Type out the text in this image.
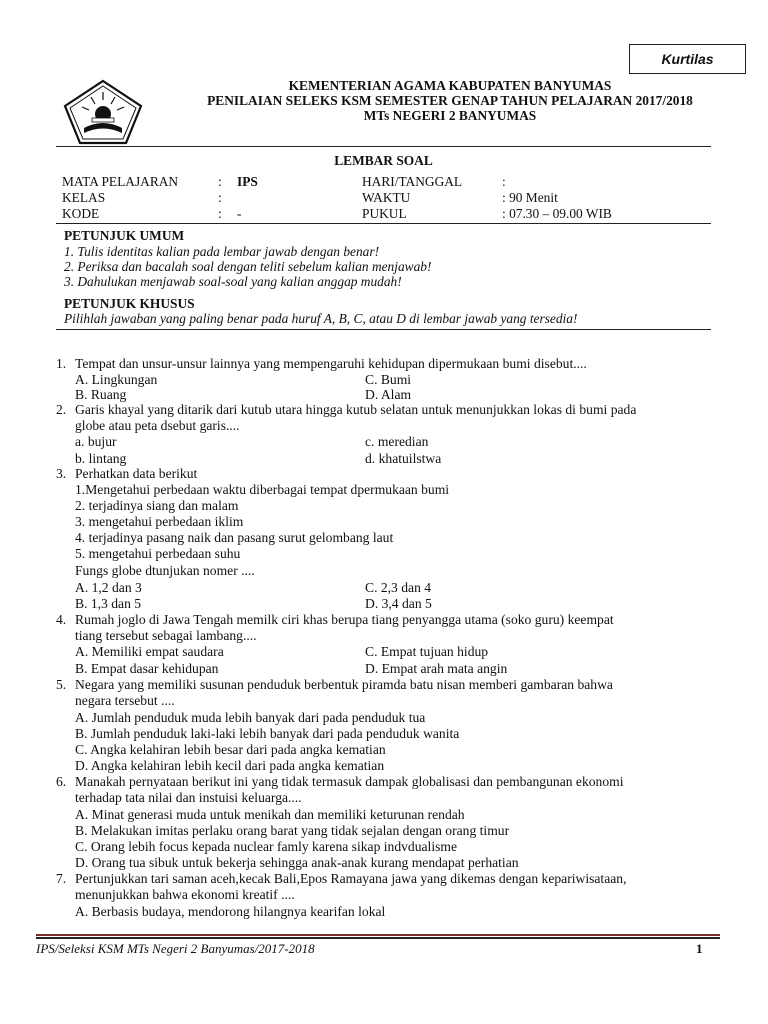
Kurtilas
KEMENTERIAN AGAMA KABUPATEN BANYUMAS
PENILAIAN SELEKS KSM SEMESTER GENAP TAHUN PELAJARAN 2017/2018
MTs NEGERI 2 BANYUMAS
LEMBAR SOAL
MATA PELAJARAN	: IPS
KELAS	:
KODE	: -
HARI/TANGGAL	:
WAKTU	: 90 Menit
PUKUL	: 07.30 – 09.00 WIB
PETUNJUK UMUM
1. Tulis identitas kalian pada lembar jawab dengan benar!
2. Periksa dan bacalah soal dengan teliti sebelum kalian menjawab!
3. Dahulukan menjawab soal-soal yang kalian anggap mudah!
PETUNJUK KHUSUS
Pilihlah jawaban yang paling benar pada huruf A, B, C, atau D di lembar jawab yang tersedia!
1. Tempat dan unsur-unsur lainnya yang mempengaruhi kehidupan dipermukaan bumi disebut....
A. Lingkungan	C. Bumi
B. Ruang	D. Alam
2. Garis khayal yang ditarik dari kutub utara hingga kutub selatan untuk menunjukkan lokas di bumi pada
globe atau peta dsebut garis....
a. bujur	c. meredian
b. lintang	d. khatuilstwa
3. Perhatkan data berikut
1.Mengetahui perbedaan waktu diberbagai tempat dpermukaan bumi
2. terjadinya siang dan malam
3. mengetahui perbedaan iklim
4. terjadinya pasang naik dan pasang surut gelombang laut
5. mengetahui perbedaan suhu
Fungs globe dtunjukan nomer ....
A. 1,2 dan 3	C. 2,3 dan 4
B. 1,3 dan 5	D. 3,4 dan 5
4. Rumah joglo di Jawa Tengah memilk ciri khas berupa tiang penyangga utama (soko guru) keempat
tiang tersebut sebagai lambang....
A. Memiliki empat saudara	C. Empat tujuan hidup
B. Empat dasar kehidupan	D. Empat arah mata angin
5. Negara yang memiliki susunan penduduk berbentuk piramda batu nisan memberi gambaran bahwa
negara tersebut ....
A. Jumlah penduduk muda lebih banyak dari pada penduduk tua
B. Jumlah penduduk laki-laki lebih banyak dari pada penduduk wanita
C. Angka kelahiran lebih besar dari pada angka kematian
D. Angka kelahiran lebih kecil dari pada angka kematian
6. Manakah pernyataan berikut ini yang tidak termasuk dampak globalisasi dan pembangunan ekonomi
terhadap tata nilai dan instuisi keluarga....
A. Minat generasi muda untuk menikah dan memiliki keturunan rendah
B. Melakukan imitas perlaku orang barat yang tidak sejalan dengan orang timur
C. Orang lebih focus kepada nuclear famly karena sikap indvdualisme
D. Orang tua sibuk untuk bekerja sehingga anak-anak kurang mendapat perhatian
7. Pertunjukkan tari saman aceh,kecak Bali,Epos Ramayana jawa yang dikemas dengan kepariwisataan,
menunjukkan bahwa ekonomi kreatif ....
A. Berbasis budaya, mendorong hilangnya kearifan lokal
IPS/Seleksi KSM MTs Negeri 2 Banyumas/2017-2018	1
